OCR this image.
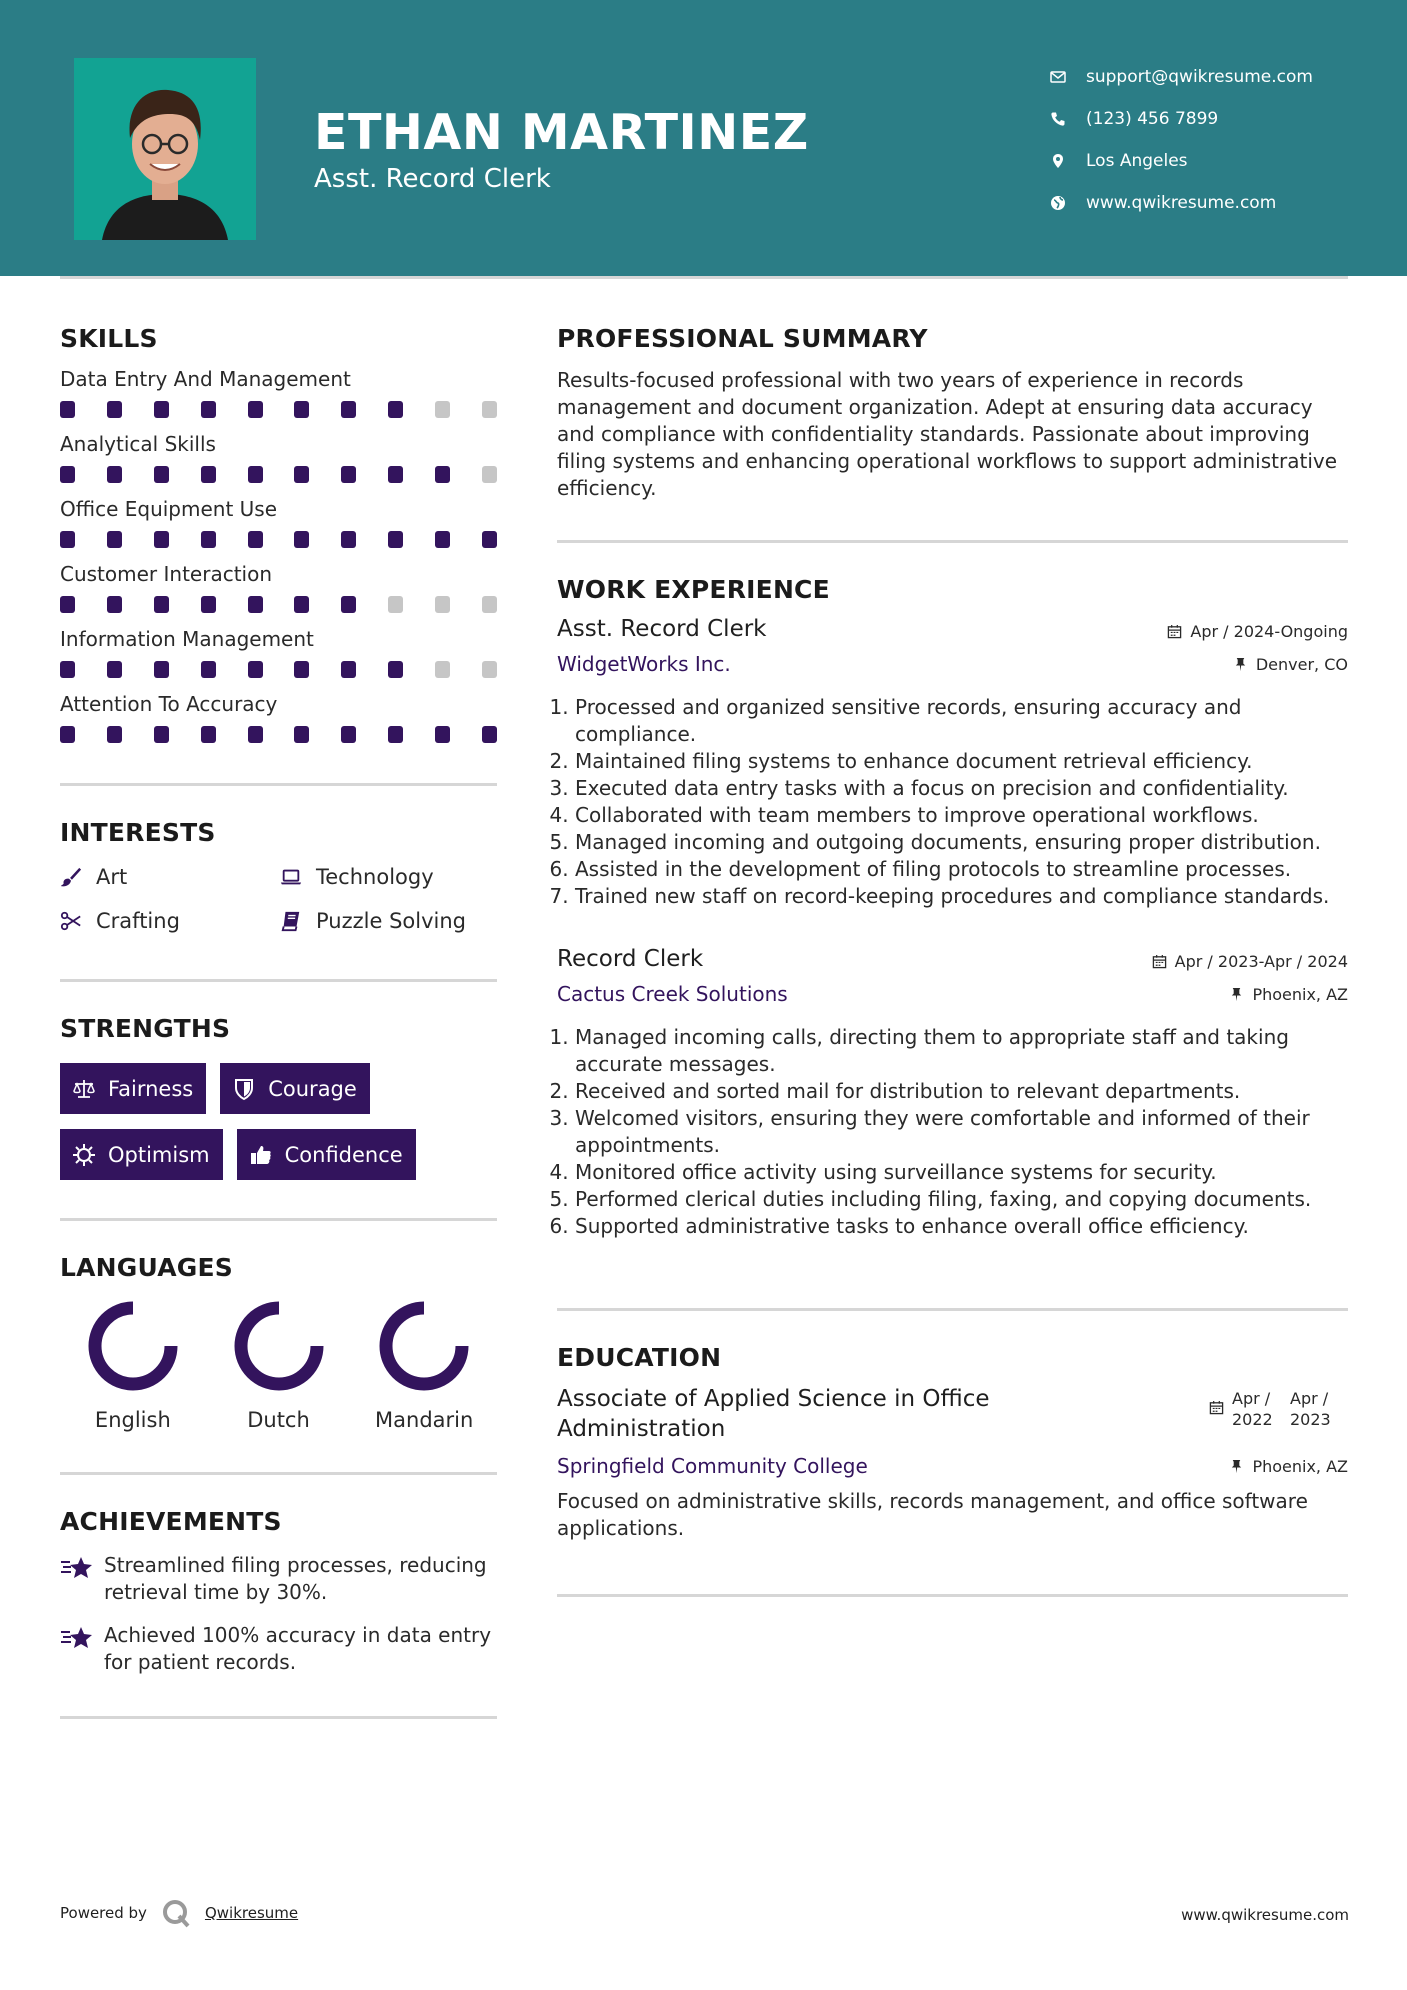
ETHAN MARTINEZ
Asst. Record Clerk
support@qwikresume.com
(123) 456 7899
Los Angeles
www.qwikresume.com
SKILLS
Data Entry And Management
Analytical Skills
Office Equipment Use
Customer Interaction
Information Management
Attention To Accuracy
INTERESTS
Art	Technology
Crafting	Puzzle Solving
STRENGTHS
Fairness	Courage
Optimism	Confidence
LANGUAGES
English	Dutch	Mandarin
ACHIEVEMENTS
Streamlined filing processes, reducing retrieval time by 30%.
Achieved 100% accuracy in data entry for patient records.
PROFESSIONAL SUMMARY
Results-focused professional with two years of experience in records management and document organization. Adept at ensuring data accuracy and compliance with confidentiality standards. Passionate about improving filing systems and enhancing operational workflows to support administrative efficiency.
WORK EXPERIENCE
Asst. Record Clerk	Apr / 2024-Ongoing
WidgetWorks Inc.	Denver, CO
1. Processed and organized sensitive records, ensuring accuracy and compliance.
2. Maintained filing systems to enhance document retrieval efficiency.
3. Executed data entry tasks with a focus on precision and confidentiality.
4. Collaborated with team members to improve operational workflows.
5. Managed incoming and outgoing documents, ensuring proper distribution.
6. Assisted in the development of filing protocols to streamline processes.
7. Trained new staff on record-keeping procedures and compliance standards.
Record Clerk	Apr / 2023-Apr / 2024
Cactus Creek Solutions	Phoenix, AZ
1. Managed incoming calls, directing them to appropriate staff and taking accurate messages.
2. Received and sorted mail for distribution to relevant departments.
3. Welcomed visitors, ensuring they were comfortable and informed of their appointments.
4. Monitored office activity using surveillance systems for security.
5. Performed clerical duties including filing, faxing, and copying documents.
6. Supported administrative tasks to enhance overall office efficiency.
EDUCATION
Associate of Applied Science in Office Administration
Apr / 2022
Apr / 2023
Springfield Community College	Phoenix, AZ
Focused on administrative skills, records management, and office software applications.
Powered by	Qwikresume	www.qwikresume.com
